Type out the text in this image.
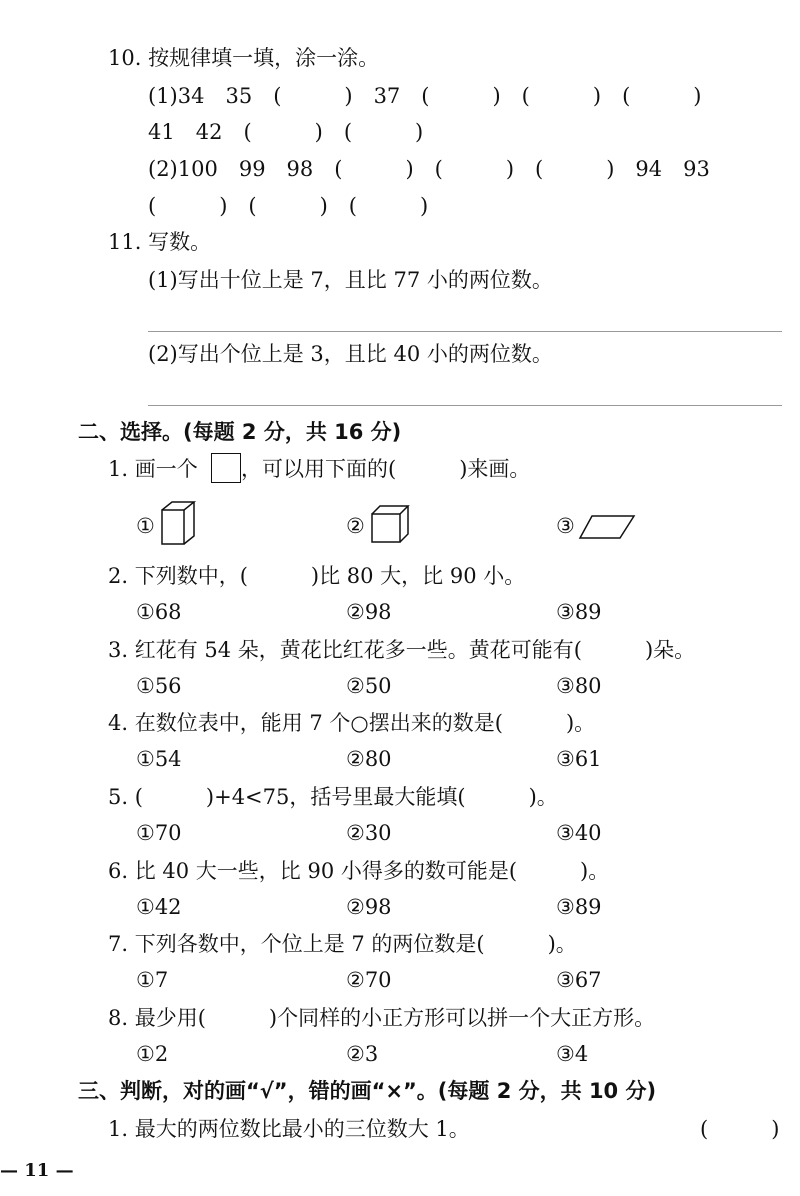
10. 按规律填一填，涂一涂。
(1)34　35　(　　　)　37　(　　　)　(　　　)　(　　　)
41　42　(　　　)　(　　　)
(2)100　99　98　(　　　)　(　　　)　(　　　)　94　93
(　　　)　(　　　)　(　　　)
11. 写数。
(1)写出十位上是 7，且比 77 小的两位数。
(2)写出个位上是 3，且比 40 小的两位数。
二、选择。(每题 2 分，共 16 分)
1. 画一个 ，可以用下面的(　　　)来画。
①	②	③
2. 下列数中，(　　　)比 80 大，比 90 小。
①68	②98	③89
3. 红花有 54 朵，黄花比红花多一些。黄花可能有(　　　)朵。
①56	②50	③80
4. 在数位表中，能用 7 个○摆出来的数是(　　　)。
①54	②80	③61
5. (　　　)+4<75，括号里最大能填(　　　)。
①70	②30	③40
6. 比 40 大一些，比 90 小得多的数可能是(　　　)。
①42	②98	③89
7. 下列各数中，个位上是 7 的两位数是(　　　)。
①7	②70	③67
8. 最少用(　　　)个同样的小正方形可以拼一个大正方形。
①2	②3	③4
三、判断，对的画“√”，错的画“×”。(每题 2 分，共 10 分)
1. 最大的两位数比最小的三位数大 1。	(　　　)
— 11 —
